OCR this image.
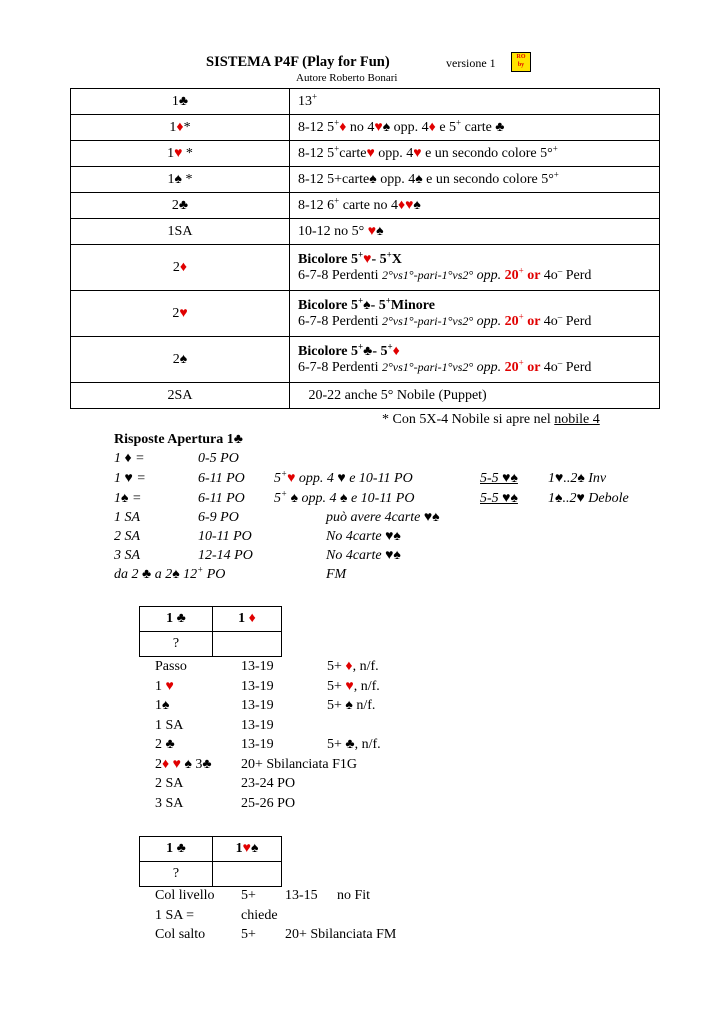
SISTEMA P4F (Play for Fun)	versione 1	RO
by
Autore Roberto Bonari
1♣	13+
1♦*	8-12 5+♦ no 4♥♠ opp. 4♦ e 5+ carte ♣
1♥ *	8-12 5+carte♥ opp. 4♥ e un secondo colore 5°+
1♠ *	8-12 5+carte♠ opp. 4♠ e un secondo colore 5°+
2♣	8-12 6+ carte no 4♦♥♠
1SA	10-12 no 5° ♥♠
2♦	Bicolore 5+♥- 5+X
6-7-8 Perdenti 2°vs1°-pari-1°vs2° opp. 20+ or 4o– Perd

2♥	Bicolore 5+♠- 5+Minore
6-7-8 Perdenti 2°vs1°-pari-1°vs2° opp. 20+ or 4o– Perd

2♠	Bicolore 5+♣- 5+♦
6-7-8 Perdenti 2°vs1°-pari-1°vs2° opp. 20+ or 4o– Perd

2SA	20-22 anche 5° Nobile (Puppet)
* Con 5X-4 Nobile si apre nel nobile 4
Risposte Apertura 1♣
1 ♦ =	0-5 PO
1 ♥ =	6-11 PO 5+♥ opp. 4 ♥ e 10-11 PO	5-5 ♥♠ 1♥..2♠ Inv
1♠ =	6-11 PO 5+ ♠ opp. 4 ♠ e 10-11 PO	5-5 ♥♠ 1♠..2♥ Debole
1 SA	6-9 PO	può avere 4carte ♥♠
2 SA	10-11 PO	No 4carte ♥♠
3 SA	12-14 PO	No 4carte ♥♠
da 2 ♣ a 2♠ 12+ PO	FM
1 ♣	1 ♦
?	
Passo	13-19	5+ ♦, n/f.
1 ♥	13-19	5+ ♥, n/f.
1♠	13-19	5+ ♠ n/f.
1 SA	13-19
2 ♣	13-19	5+ ♣, n/f.
2♦ ♥ ♠ 3♣ 20+ Sbilanciata F1G
2 SA	23-24 PO
3 SA	25-26 PO
1 ♣	1♥♠
?	
Col livello 5+ 13-15 no Fit
1 SA =	chiede
Col salto	5+ 20+ Sbilanciata FM
